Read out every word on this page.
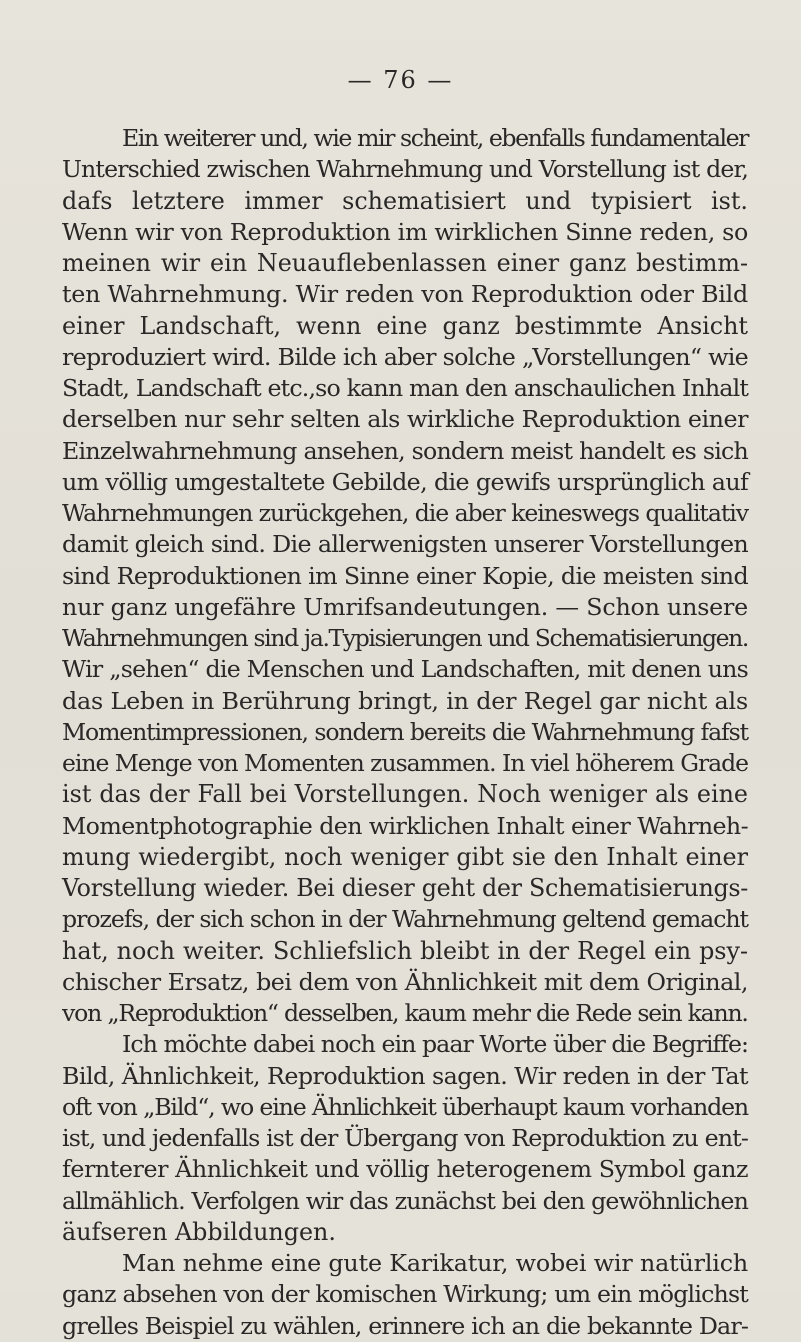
— 76 —
Ein weiterer und, wie mir scheint, ebenfalls fundamentaler
Unterschied zwischen Wahrnehmung und Vorstellung ist der,
dafs letztere immer schematisiert und typisiert ist.
Wenn wir von Reproduktion im wirklichen Sinne reden, so
meinen wir ein Neuauflebenlassen einer ganz bestimm-
ten Wahrnehmung. Wir reden von Reproduktion oder Bild
einer Landschaft, wenn eine ganz bestimmte Ansicht
reproduziert wird. Bilde ich aber solche „Vorstellungen“ wie
Stadt, Landschaft etc.,so kann man den anschaulichen Inhalt
derselben nur sehr selten als wirkliche Reproduktion einer
Einzelwahrnehmung ansehen, sondern meist handelt es sich
um völlig umgestaltete Gebilde, die gewifs ursprünglich auf
Wahrnehmungen zurückgehen, die aber keineswegs qualitativ
damit gleich sind. Die allerwenigsten unserer Vorstellungen
sind Reproduktionen im Sinne einer Kopie, die meisten sind
nur ganz ungefähre Umrifsandeutungen. — Schon unsere
Wahrnehmungen sind ja.Typisierungen und Schematisierungen.
Wir „sehen“ die Menschen und Landschaften, mit denen uns
das Leben in Berührung bringt, in der Regel gar nicht als
Momentimpressionen, sondern bereits die Wahrnehmung fafst
eine Menge von Momenten zusammen. In viel höherem Grade
ist das der Fall bei Vorstellungen. Noch weniger als eine
Momentphotographie den wirklichen Inhalt einer Wahrneh-
mung wiedergibt, noch weniger gibt sie den Inhalt einer
Vorstellung wieder. Bei dieser geht der Schematisierungs-
prozefs, der sich schon in der Wahrnehmung geltend gemacht
hat, noch weiter. Schliefslich bleibt in der Regel ein psy-
chischer Ersatz, bei dem von Ähnlichkeit mit dem Original,
von „Reproduktion“ desselben, kaum mehr die Rede sein kann.
Ich möchte dabei noch ein paar Worte über die Begriffe:
Bild, Ähnlichkeit, Reproduktion sagen. Wir reden in der Tat
oft von „Bild“, wo eine Ähnlichkeit überhaupt kaum vorhanden
ist, und jedenfalls ist der Übergang von Reproduktion zu ent-
fernterer Ähnlichkeit und völlig heterogenem Symbol ganz
allmählich. Verfolgen wir das zunächst bei den gewöhnlichen
äufseren Abbildungen.
Man nehme eine gute Karikatur, wobei wir natürlich
ganz absehen von der komischen Wirkung; um ein möglichst
grelles Beispiel zu wählen, erinnere ich an die bekannte Dar-
